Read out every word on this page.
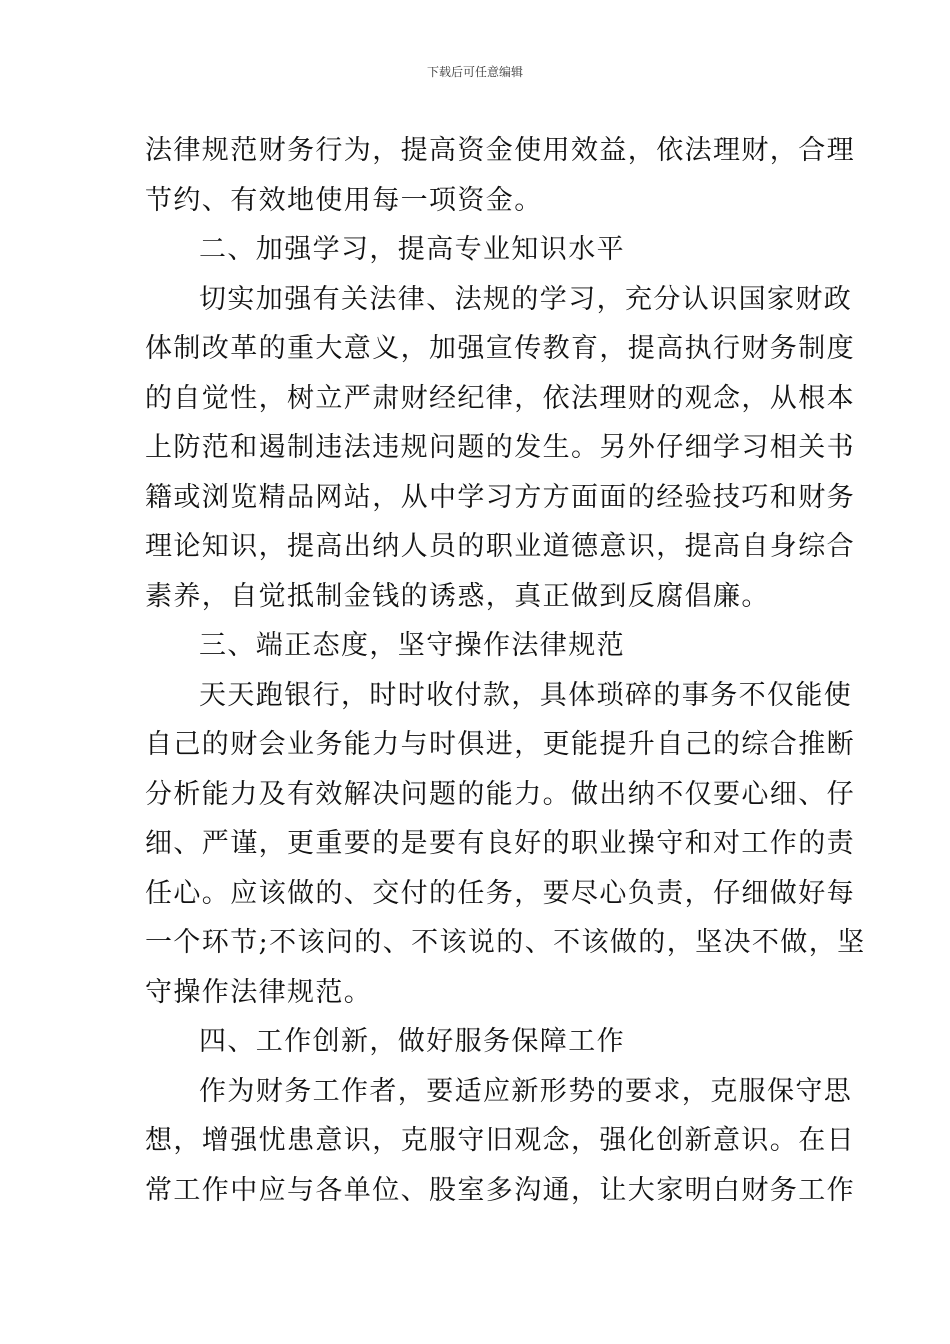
下载后可任意编辑
法律规范财务行为，提高资金使用效益，依法理财，合理
节约、有效地使用每一项资金。
二、加强学习，提高专业知识水平
切实加强有关法律、法规的学习，充分认识国家财政
体制改革的重大意义，加强宣传教育，提高执行财务制度
的自觉性，树立严肃财经纪律，依法理财的观念，从根本
上防范和遏制违法违规问题的发生。另外仔细学习相关书
籍或浏览精品网站，从中学习方方面面的经验技巧和财务
理论知识，提高出纳人员的职业道德意识，提高自身综合
素养，自觉抵制金钱的诱惑，真正做到反腐倡廉。
三、端正态度，坚守操作法律规范
天天跑银行，时时收付款，具体琐碎的事务不仅能使
自己的财会业务能力与时俱进，更能提升自己的综合推断
分析能力及有效解决问题的能力。做出纳不仅要心细、仔
细、严谨，更重要的是要有良好的职业操守和对工作的责
任心。应该做的、交付的任务，要尽心负责，仔细做好每
一个环节;不该问的、不该说的、不该做的，坚决不做，坚
守操作法律规范。
四、工作创新，做好服务保障工作
作为财务工作者，要适应新形势的要求，克服保守思
想，增强忧患意识，克服守旧观念，强化创新意识。在日
常工作中应与各单位、股室多沟通，让大家明白财务工作
